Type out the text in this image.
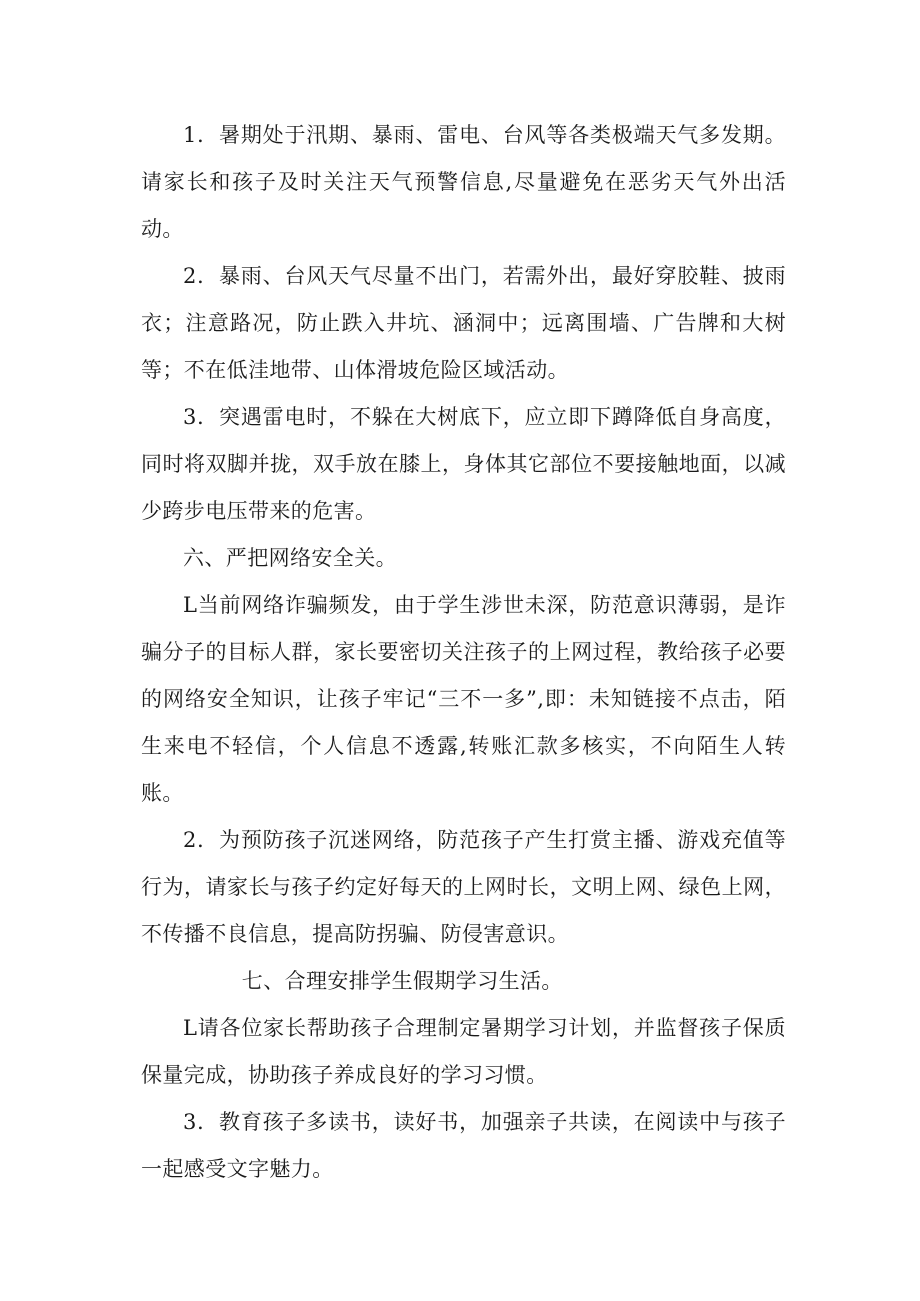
1．暑期处于汛期、暴雨、雷电、台风等各类极端天气多发期。请家长和孩子及时关注天气预警信息,尽量避免在恶劣天气外出活动。

2．暴雨、台风天气尽量不出门，若需外出，最好穿胶鞋、披雨衣；注意路况，防止跌入井坑、涵洞中；远离围墙、广告牌和大树等；不在低洼地带、山体滑坡危险区域活动。

3．突遇雷电时，不躲在大树底下，应立即下蹲降低自身高度，同时将双脚并拢，双手放在膝上，身体其它部位不要接触地面，以减少跨步电压带来的危害。

六、严把网络安全关。

L当前网络诈骗频发，由于学生涉世未深，防范意识薄弱，是诈骗分子的目标人群，家长要密切关注孩子的上网过程，教给孩子必要的网络安全知识，让孩子牢记“三不一多”,即：未知链接不点击，陌生来电不轻信，个人信息不透露,转账汇款多核实，不向陌生人转账。

2．为预防孩子沉迷网络，防范孩子产生打赏主播、游戏充值等行为，请家长与孩子约定好每天的上网时长，文明上网、绿色上网，不传播不良信息，提高防拐骗、防侵害意识。

七、合理安排学生假期学习生活。

L请各位家长帮助孩子合理制定暑期学习计划，并监督孩子保质保量完成，协助孩子养成良好的学习习惯。

3．教育孩子多读书，读好书，加强亲子共读，在阅读中与孩子一起感受文字魅力。
